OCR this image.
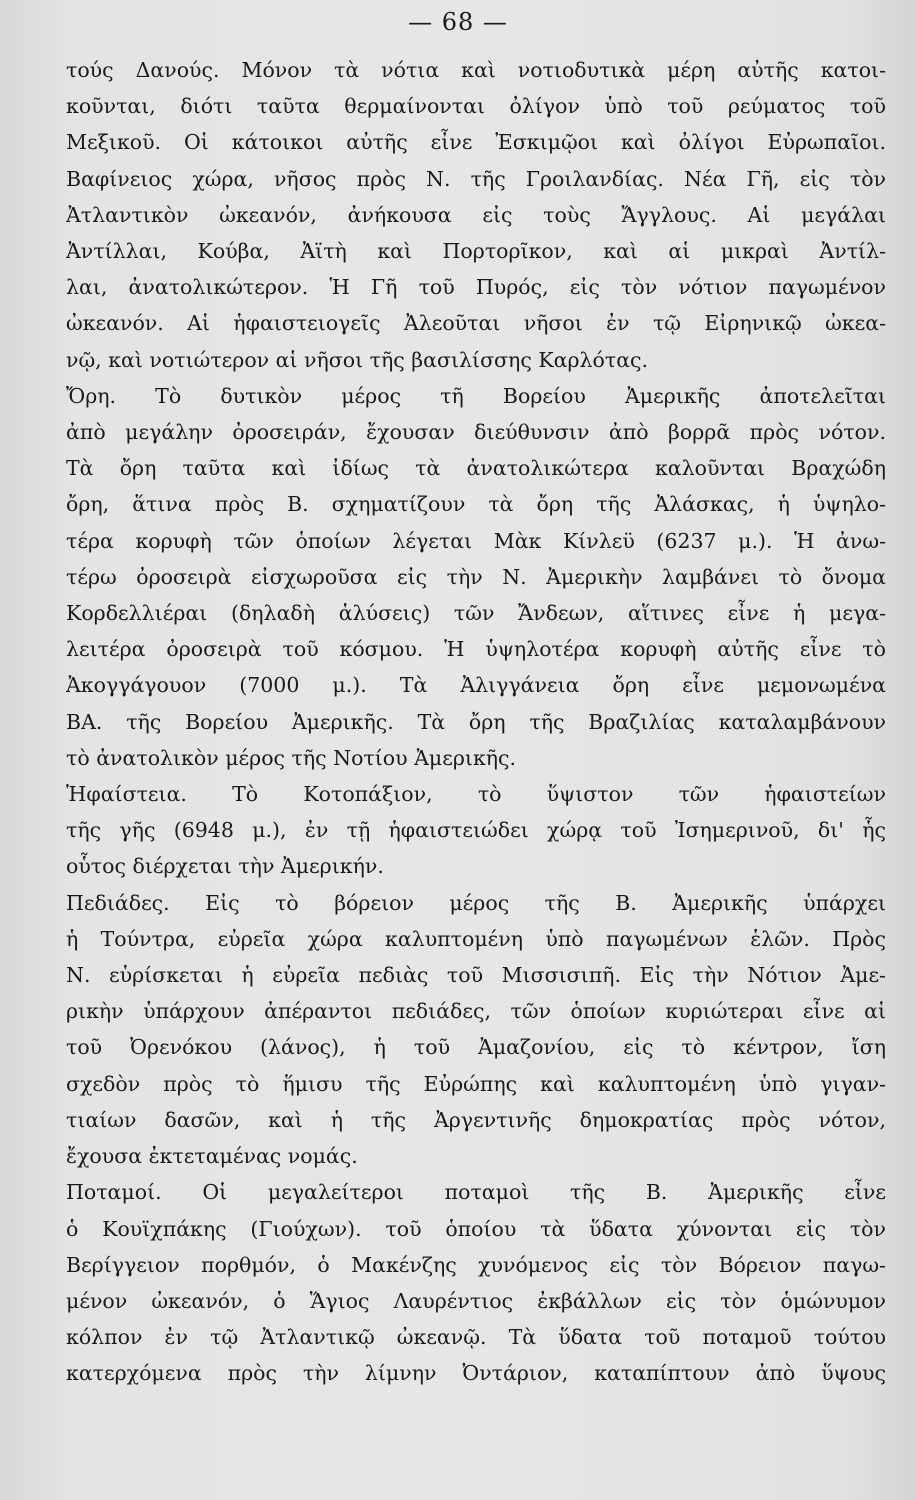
— 68 —
τούς Δανούς. Μόνον τὰ νότια καὶ νοτιοδυτικὰ μέρη αὐτῆς κατοι-
κοῦνται, διότι ταῦτα θερμαίνονται ὀλίγον ὑπὸ τοῦ ρεύματος τοῦ
Μεξικοῦ. Οἱ κάτοικοι αὐτῆς εἶνε Ἐσκιμῷοι καὶ ὀλίγοι Εὐρωπαῖοι.
Βαφίνειος χώρα, νῆσος πρὸς Ν. τῆς Γροιλανδίας. Νέα Γῆ, εἰς τὸν
Ἀτλαντικὸν ὠκεανόν, ἀνήκουσα εἰς τοὺς Ἄγγλους. Αἱ μεγάλαι
Ἀντίλλαι, Κούβα, Ἀϊτὴ καὶ Πορτορῖκον, καὶ αἱ μικραὶ Ἀντίλ-
λαι, ἀνατολικώτερον. Ἡ Γῆ τοῦ Πυρός, εἰς τὸν νότιον παγωμένον
ὠκεανόν. Αἱ ἡφαιστειογεῖς Ἀλεοῦται νῆσοι ἐν τῷ Εἰρηνικῷ ὠκεα-
νῷ, καὶ νοτιώτερον αἱ νῆσοι τῆς βασιλίσσης Καρλότας.
Ὄρη. Τὸ δυτικὸν μέρος τῆ Βορείου Ἀμερικῆς ἀποτελεῖται
ἀπὸ μεγάλην ὀροσειράν, ἔχουσαν διεύθυνσιν ἀπὸ βορρᾶ πρὸς νότον.
Τὰ ὄρη ταῦτα καὶ ἰδίως τὰ ἀνατολικώτερα καλοῦνται Βραχώδη
ὄρη, ἅτινα πρὸς Β. σχηματίζουν τὰ ὄρη τῆς Ἀλάσκας, ἡ ὑψηλο-
τέρα κορυφὴ τῶν ὁποίων λέγεται Μὰκ Κίνλεϋ (6237 μ.). Ἡ ἀνω-
τέρω ὀροσειρὰ εἰσχωροῦσα εἰς τὴν Ν. Ἀμερικὴν λαμβάνει τὸ ὄνομα
Κορδελλιέραι (δηλαδὴ ἁλύσεις) τῶν Ἄνδεων, αἵτινες εἶνε ἡ μεγα-
λειτέρα ὀροσειρὰ τοῦ κόσμου. Ἡ ὑψηλοτέρα κορυφὴ αὐτῆς εἶνε τὸ
Ἀκογγάγουον (7000 μ.). Τὰ Ἀλιγγάνεια ὄρη εἶνε μεμονωμένα
ΒΑ. τῆς Βορείου Ἀμερικῆς. Τὰ ὄρη τῆς Βραζιλίας καταλαμβάνουν
τὸ ἀνατολικὸν μέρος τῆς Νοτίου Ἀμερικῆς.
Ἡφαίστεια. Τὸ Κοτοπάξιον, τὸ ὕψιστον τῶν ἡφαιστείων
τῆς γῆς (6948 μ.), ἐν τῇ ἡφαιστειώδει χώρᾳ τοῦ Ἰσημερινοῦ, δι' ἧς
οὗτος διέρχεται τὴν Ἀμερικήν.
Πεδιάδες. Εἰς τὸ βόρειον μέρος τῆς Β. Ἀμερικῆς ὑπάρχει
ἡ Τούντρα, εὐρεῖα χώρα καλυπτομένη ὑπὸ παγωμένων ἑλῶν. Πρὸς
Ν. εὑρίσκεται ἡ εὐρεῖα πεδιὰς τοῦ Μισσισιπῆ. Εἰς τὴν Νότιον Ἀμε-
ρικὴν ὑπάρχουν ἀπέραντοι πεδιάδες, τῶν ὁποίων κυριώτεραι εἶνε αἱ
τοῦ Ὀρενόκου (λάνος), ἡ τοῦ Ἀμαζονίου, εἰς τὸ κέντρον, ἴση
σχεδὸν πρὸς τὸ ἥμισυ τῆς Εὐρώπης καὶ καλυπτομένη ὑπὸ γιγαν-
τιαίων δασῶν, καὶ ἡ τῆς Ἀργεντινῆς δημοκρατίας πρὸς νότον,
ἔχουσα ἐκτεταμένας νομάς.
Ποταμοί. Οἱ μεγαλείτεροι ποταμοὶ τῆς Β. Ἀμερικῆς εἶνε
ὁ Κουϊχπάκης (Γιούχων). τοῦ ὁποίου τὰ ὕδατα χύνονται εἰς τὸν
Βερίγγειον πορθμόν, ὁ Μακένζης χυνόμενος εἰς τὸν Βόρειον παγω-
μένον ὠκεανόν, ὁ Ἅγιος Λαυρέντιος ἐκβάλλων εἰς τὸν ὁμώνυμον
κόλπον ἐν τῷ Ἀτλαντικῷ ὠκεανῷ. Τὰ ὕδατα τοῦ ποταμοῦ τούτου
κατερχόμενα πρὸς τὴν λίμνην Ὀντάριον, καταπίπτουν ἀπὸ ὕψους
